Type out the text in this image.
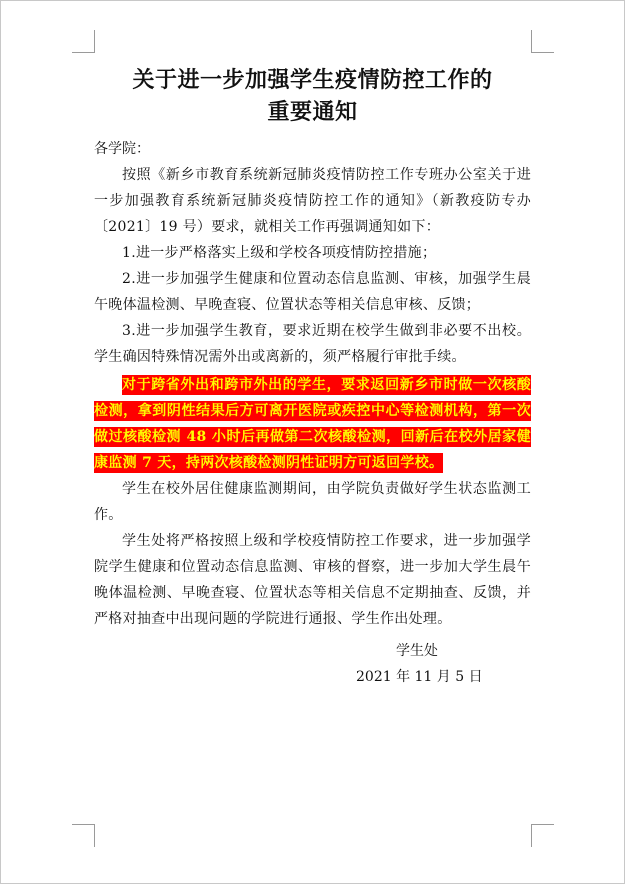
关于进一步加强学生疫情防控工作的
重要通知
各学院：

按照《新乡市教育系统新冠肺炎疫情防控工作专班办公室关于进一步加强教育系统新冠肺炎疫情防控工作的通知》（新教疫防专办〔2021〕19 号）要求，就相关工作再强调通知如下：

1.进一步严格落实上级和学校各项疫情防控措施；

2.进一步加强学生健康和位置动态信息监测、审核，加强学生晨午晚体温检测、早晚查寝、位置状态等相关信息审核、反馈；

3.进一步加强学生教育，要求近期在校学生做到非必要不出校。学生确因特殊情况需外出或离新的，须严格履行审批手续。

对于跨省外出和跨市外出的学生，要求返回新乡市时做一次核酸检测，拿到阴性结果后方可离开医院或疾控中心等检测机构，第一次做过核酸检测 48 小时后再做第二次核酸检测，回新后在校外居家健康监测 7 天，持两次核酸检测阴性证明方可返回学校。

学生在校外居住健康监测期间，由学院负责做好学生状态监测工作。

学生处将严格按照上级和学校疫情防控工作要求，进一步加强学院学生健康和位置动态信息监测、审核的督察，进一步加大学生晨午晚体温检测、早晚查寝、位置状态等相关信息不定期抽查、反馈，并严格对抽查中出现问题的学院进行通报、学生作出处理。

学生处
2021 年 11 月 5 日
